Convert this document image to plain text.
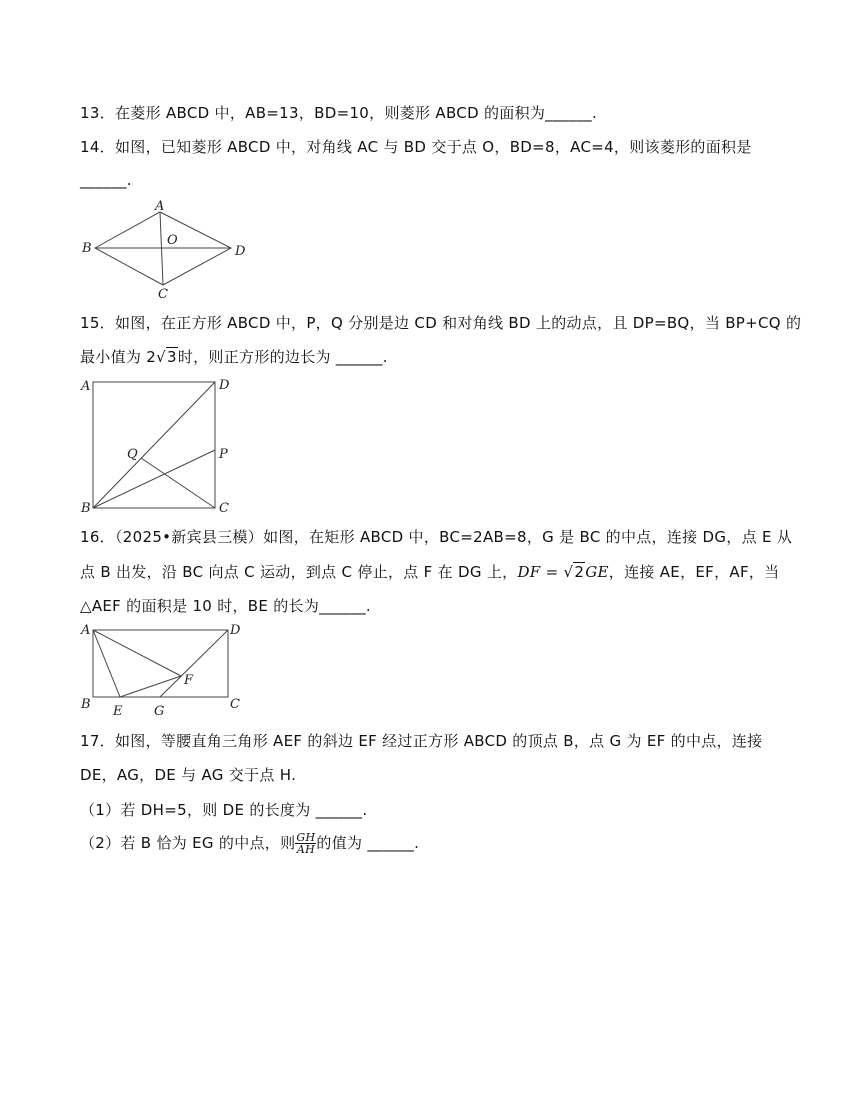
13．在菱形 ABCD 中，AB=13，BD=10，则菱形 ABCD 的面积为______.
14．如图，已知菱形 ABCD 中，对角线 AC 与 BD 交于点 O，BD=8，AC=4，则该菱形的面积是
______.
A
B
C
D
O
15．如图，在正方形 ABCD 中，P，Q 分别是边 CD 和对角线 BD 上的动点，且 DP=BQ，当 BP+CQ 的
最小值为 2√3时，则正方形的边长为 ______.
A
B	C
D
P
Q
16．（2025•新宾县三模）如图，在矩形 ABCD 中，BC=2AB=8，G 是 BC 的中点，连接 DG，点 E 从
点 B 出发，沿 BC 向点 C 运动，到点 C 停止，点 F 在 DG 上，DF = √2GE，连接 AE，EF，AF，当
△AEF 的面积是 10 时，BE 的长为______.
A	D
B	C
E G
F
17．如图，等腰直角三角形 AEF 的斜边 EF 经过正方形 ABCD 的顶点 B，点 G 为 EF 的中点，连接
DE，AG，DE 与 AG 交于点 H.
（1）若 DH=5，则 DE 的长度为 ______.
（2）若 B 恰为 EG 的中点，则 $\frac{GH}{AH}$ 的值为 ______.
